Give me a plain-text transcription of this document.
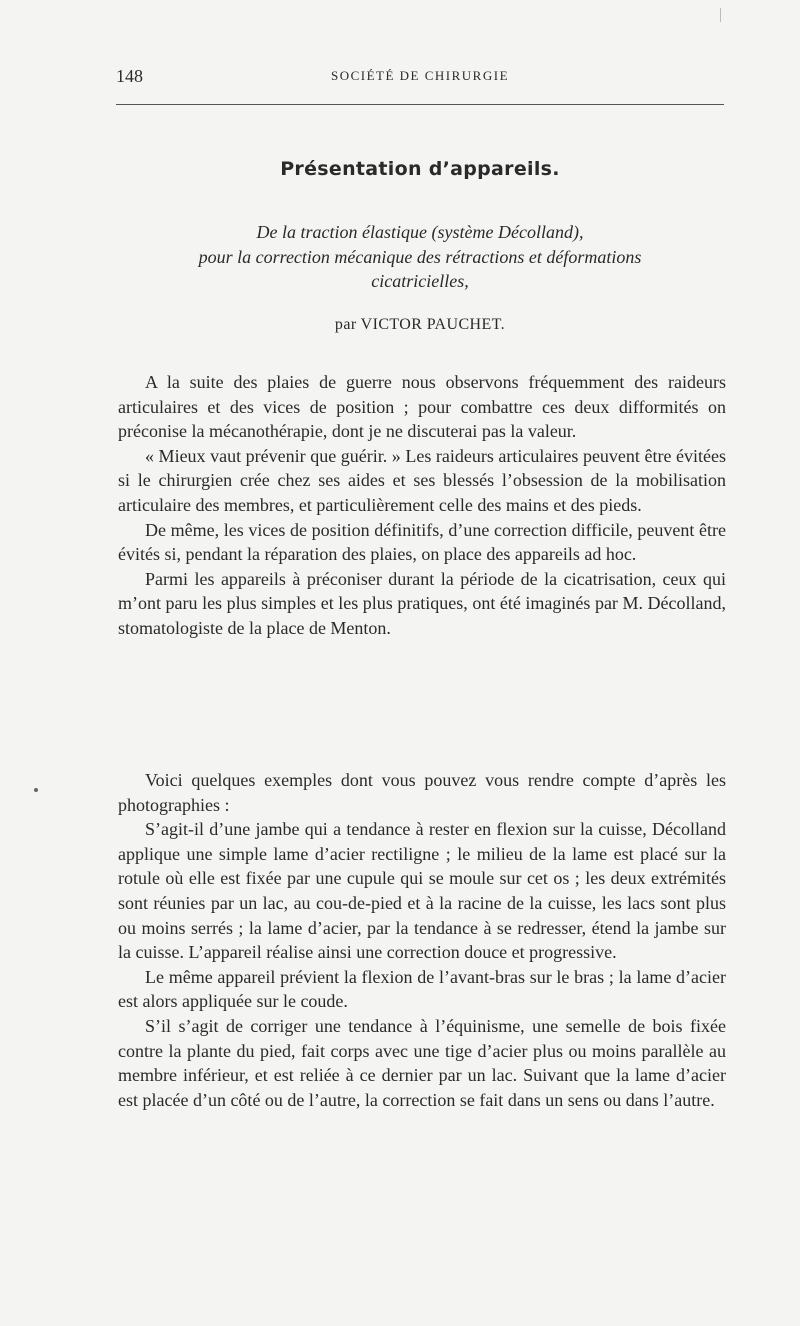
148	SOCIÉTÉ DE CHIRURGIE
Présentation d’appareils.
De la traction élastique (système Décolland),
pour la correction mécanique des rétractions et déformations
cicatricielles,
par VICTOR PAUCHET.

A la suite des plaies de guerre nous observons fréquemment des raideurs articulaires et des vices de position ; pour combattre ces deux difformités on préconise la mécanothérapie, dont je ne discuterai pas la valeur.

« Mieux vaut prévenir que guérir. » Les raideurs articulaires peuvent être évitées si le chirurgien crée chez ses aides et ses blessés l’obsession de la mobilisation articulaire des membres, et particulièrement celle des mains et des pieds.

De même, les vices de position définitifs, d’une correction difficile, peuvent être évités si, pendant la réparation des plaies, on place des appareils ad hoc.

Parmi les appareils à préconiser durant la période de la cicatrisation, ceux qui m’ont paru les plus simples et les plus pratiques, ont été imaginés par M. Décolland, stomatologiste de la place de Menton.

Voici quelques exemples dont vous pouvez vous rendre compte d’après les photographies :

S’agit-il d’une jambe qui a tendance à rester en flexion sur la cuisse, Décolland applique une simple lame d’acier rectiligne ; le milieu de la lame est placé sur la rotule où elle est fixée par une cupule qui se moule sur cet os ; les deux extrémités sont réunies par un lac, au cou-de-pied et à la racine de la cuisse, les lacs sont plus ou moins serrés ; la lame d’acier, par la tendance à se redresser, étend la jambe sur la cuisse. L’appareil réalise ainsi une correction douce et progressive.

Le même appareil prévient la flexion de l’avant-bras sur le bras ; la lame d’acier est alors appliquée sur le coude.

S’il s’agit de corriger une tendance à l’équinisme, une semelle de bois fixée contre la plante du pied, fait corps avec une tige d’acier plus ou moins parallèle au membre inférieur, et est reliée à ce dernier par un lac. Suivant que la lame d’acier est placée d’un côté ou de l’autre, la correction se fait dans un sens ou dans l’autre.
